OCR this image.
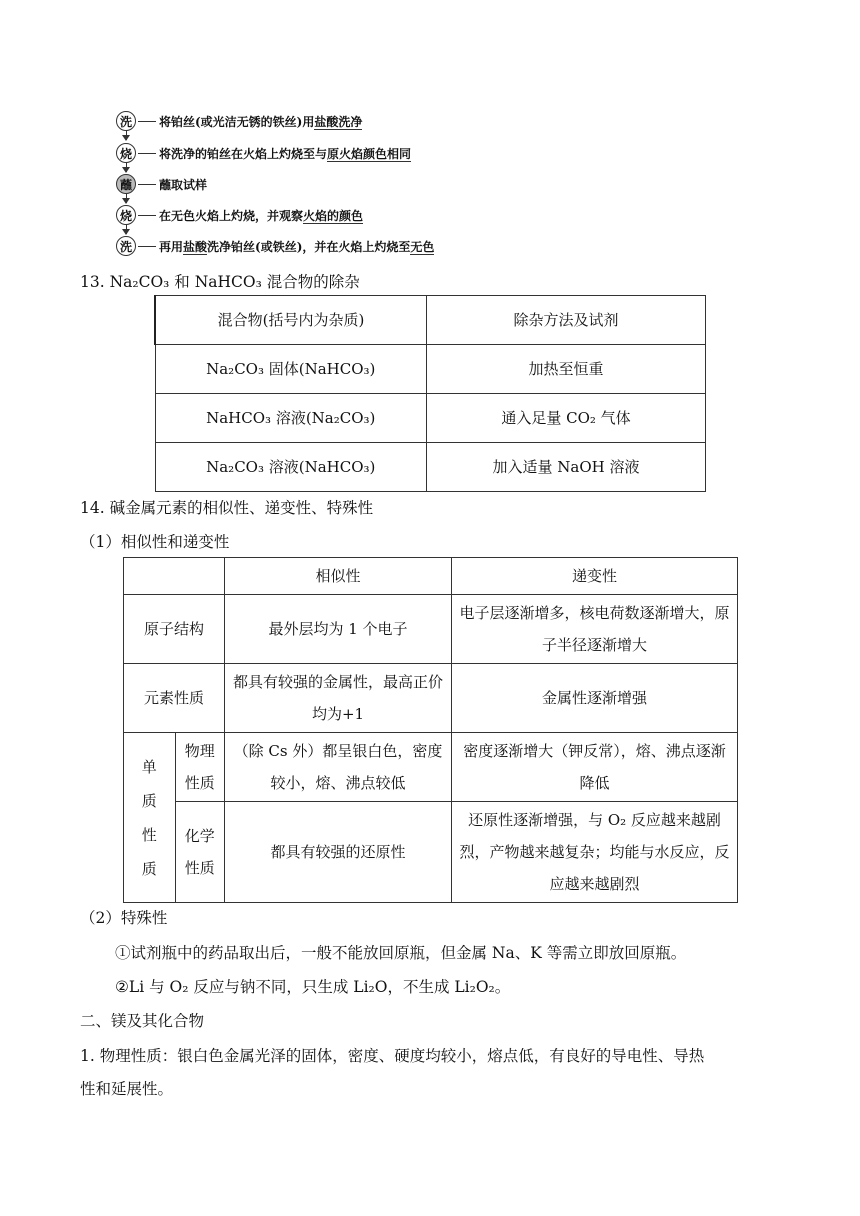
洗	将铂丝(或光洁无锈的铁丝)用盐酸洗净
烧	将洗净的铂丝在火焰上灼烧至与原火焰颜色相同
蘸	蘸取试样
烧	在无色火焰上灼烧，并观察火焰的颜色
洗	再用盐酸洗净铂丝(或铁丝)，并在火焰上灼烧至无色
13. Na₂CO₃ 和 NaHCO₃ 混合物的除杂
混合物(括号内为杂质)	除杂方法及试剂
Na₂CO₃ 固体(NaHCO₃)	加热至恒重
NaHCO₃ 溶液(Na₂CO₃)	通入足量 CO₂ 气体
Na₂CO₃ 溶液(NaHCO₃)	加入适量 NaOH 溶液
14. 碱金属元素的相似性、递变性、特殊性
（1）相似性和递变性
		相似性	递变性
原子结构		最外层均为 1 个电子	电子层逐渐增多，核电荷数逐渐增大，原子半径逐渐增大
元素性质		都具有较强的金属性，最高正价均为+1	金属性逐渐增强
单质性质	物理性质	（除 Cs 外）都呈银白色，密度较小，熔、沸点较低	密度逐渐增大（钾反常），熔、沸点逐渐降低
	化学性质	都具有较强的还原性	还原性逐渐增强，与 O₂ 反应越来越剧烈，产物越来越复杂；均能与水反应，反应越来越剧烈
（2）特殊性
①试剂瓶中的药品取出后，一般不能放回原瓶，但金属 Na、K 等需立即放回原瓶。
②Li 与 O₂ 反应与钠不同，只生成 Li₂O，不生成 Li₂O₂。
二、镁及其化合物
1. 物理性质：银白色金属光泽的固体，密度、硬度均较小，熔点低，有良好的导电性、导热
性和延展性。
